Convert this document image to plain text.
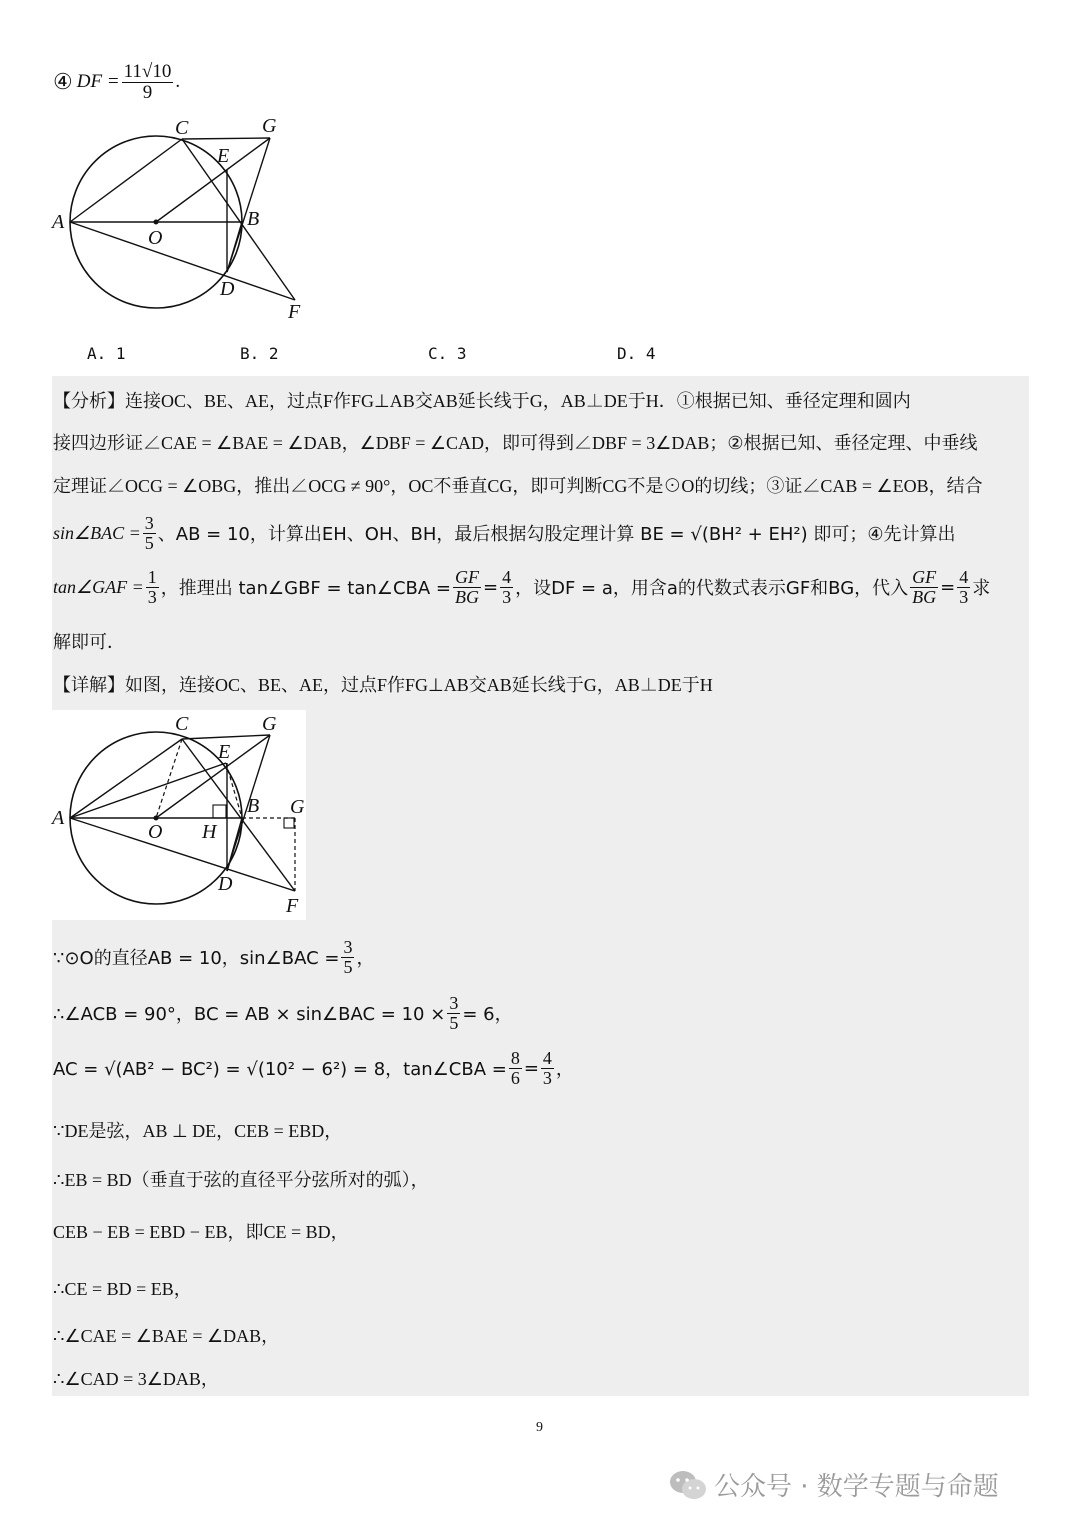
④ DF = $\frac{11√10}{9}$ .
A
O
B
C	G
E
D
F
A. 1	B. 2	C. 3	D. 4
【分析】连接OC、BE、AE，过点F作FG⊥AB交AB延长线于G，AB⊥DE于H．①根据已知、垂径定理和圆内
接四边形证∠CAE = ∠BAE = ∠DAB，∠DBF = ∠CAD，即可得到∠DBF = 3∠DAB；②根据已知、垂径定理、中垂线
定理证∠OCG = ∠OBG，推出∠OCG ≠ 90°，OC不垂直CG，即可判断CG不是⊙O的切线；③证∠CAB = ∠EOB，结合
sin∠BAC = $\frac{3}{5}$ 、AB = 10，计算出EH、OH、BH，最后根据勾股定理计算 BE = √(BH² + EH²) 即可；④先计算出
tan∠GAF = $\frac{1}{3}$ ，推理出 tan∠GBF = tan∠CBA = $\frac{GF}{BG} = \frac{4}{3}$ ，设DF = a，用含a的代数式表示GF和BG，代入 $\frac{GF}{BG} = \frac{4}{3}$ 求
解即可．
【详解】如图，连接OC、BE、AE，过点F作FG⊥AB交AB延长线于G，AB⊥DE于H
A
O H
B G
C	G
E
D
F
∵⊙O的直径AB = 10，sin∠BAC = $\frac{3}{5}$ ，
∴∠ACB = 90°，BC = AB × sin∠BAC = $10 \times \frac{3}{5} = 6$，
AC = √(AB² − BC²) = √(10² − 6²) = 8，tan∠CBA = $\frac{8}{6} = \frac{4}{3}$ ，
∵DE是弦，AB ⊥ DE，CEB = EBD，
∴EB = BD（垂直于弦的直径平分弦所对的弧），
CEB − EB = EBD − EB，即CE = BD，
∴CE = BD = EB，
∴∠CAE = ∠BAE = ∠DAB，
∴∠CAD = 3∠DAB，
9
公众号 · 数学专题与命题
